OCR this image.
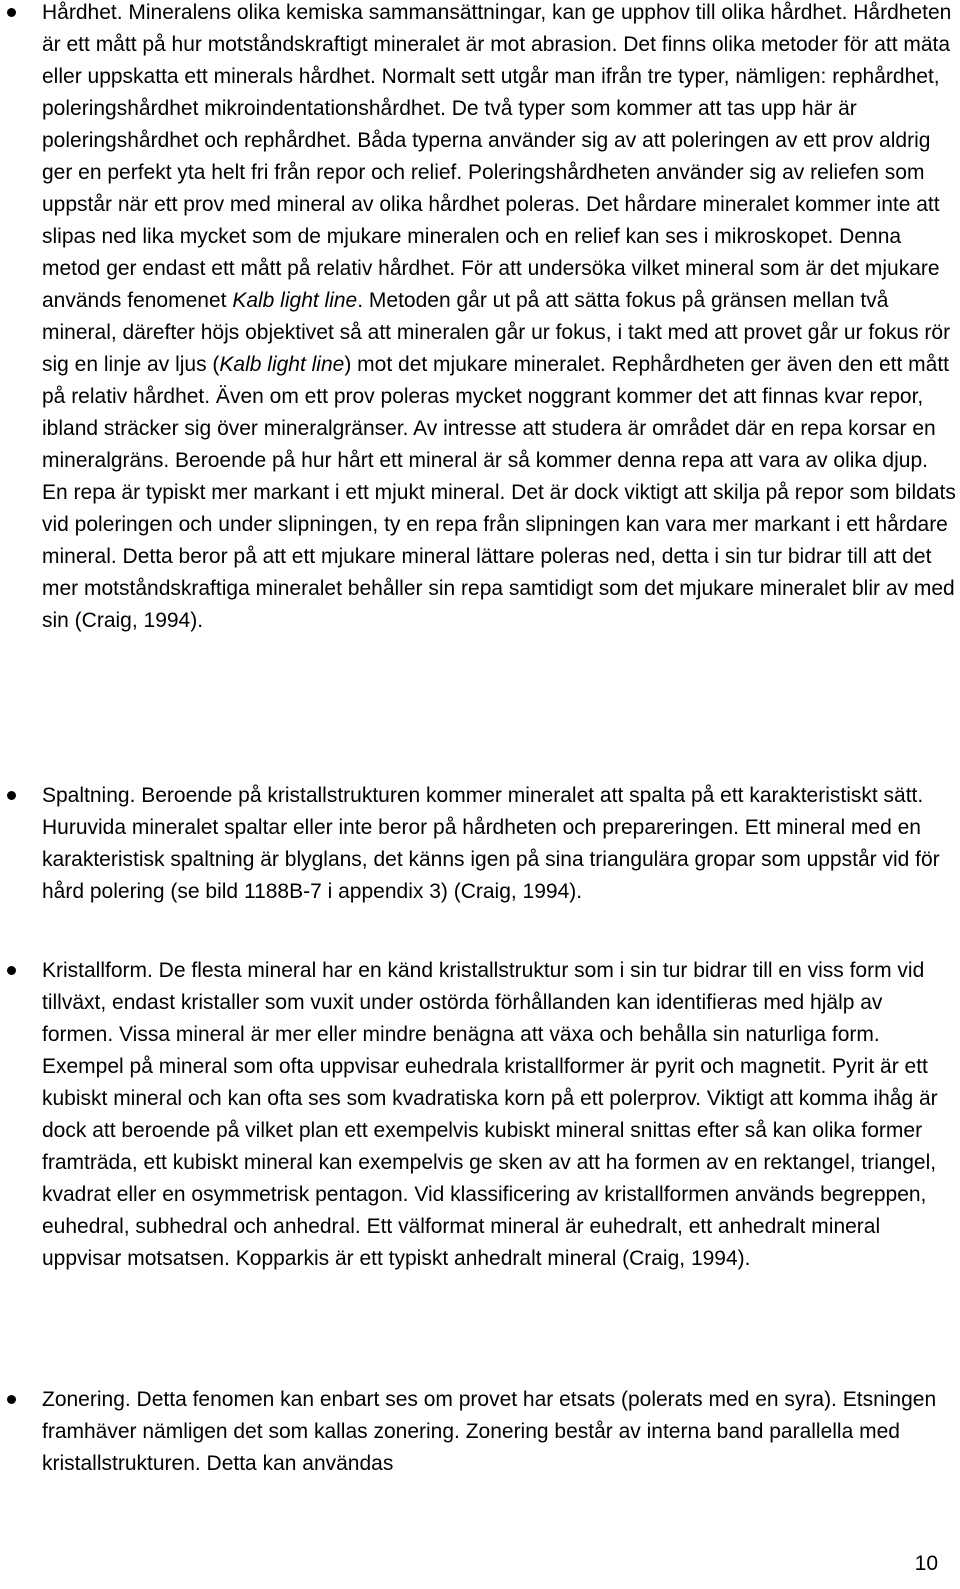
Hårdhet. Mineralens olika kemiska sammansättningar, kan ge upphov till olika hårdhet. Hårdheten är ett mått på hur motståndskraftigt mineralet är mot abrasion. Det finns olika metoder för att mäta eller uppskatta ett minerals hårdhet. Normalt sett utgår man ifrån tre typer, nämligen: rephårdhet, poleringshårdhet mikroindentationshårdhet. De två typer som kommer att tas upp här är poleringshårdhet och rephårdhet. Båda typerna använder sig av att poleringen av ett prov aldrig ger en perfekt yta helt fri från repor och relief. Poleringshårdheten använder sig av reliefen som uppstår när ett prov med mineral av olika hårdhet poleras. Det hårdare mineralet kommer inte att slipas ned lika mycket som de mjukare mineralen och en relief kan ses i mikroskopet. Denna metod ger endast ett mått på relativ hårdhet. För att undersöka vilket mineral som är det mjukare används fenomenet Kalb light line. Metoden går ut på att sätta fokus på gränsen mellan två mineral, därefter höjs objektivet så att mineralen går ur fokus, i takt med att provet går ur fokus rör sig en linje av ljus (Kalb light line) mot det mjukare mineralet. Rephårdheten ger även den ett mått på relativ hårdhet. Även om ett prov poleras mycket noggrant kommer det att finnas kvar repor, ibland sträcker sig över mineralgränser. Av intresse att studera är området där en repa korsar en mineralgräns. Beroende på hur hårt ett mineral är så kommer denna repa att vara av olika djup. En repa är typiskt mer markant i ett mjukt mineral. Det är dock viktigt att skilja på repor som bildats vid poleringen och under slipningen, ty en repa från slipningen kan vara mer markant i ett hårdare mineral. Detta beror på att ett mjukare mineral lättare poleras ned, detta i sin tur bidrar till att det mer motståndskraftiga mineralet behåller sin repa samtidigt som det mjukare mineralet blir av med sin (Craig, 1994).
Spaltning. Beroende på kristallstrukturen kommer mineralet att spalta på ett karakteristiskt sätt. Huruvida mineralet spaltar eller inte beror på hårdheten och prepareringen. Ett mineral med en karakteristisk spaltning är blyglans, det känns igen på sina triangulära gropar som uppstår vid för hård polering (se bild 1188B-7 i appendix 3) (Craig, 1994).
Kristallform. De flesta mineral har en känd kristallstruktur som i sin tur bidrar till en viss form vid tillväxt, endast kristaller som vuxit under ostörda förhållanden kan identifieras med hjälp av formen. Vissa mineral är mer eller mindre benägna att växa och behålla sin naturliga form. Exempel på mineral som ofta uppvisar euhedrala kristallformer är pyrit och magnetit. Pyrit är ett kubiskt mineral och kan ofta ses som kvadratiska korn på ett polerprov. Viktigt att komma ihåg är dock att beroende på vilket plan ett exempelvis kubiskt mineral snittas efter så kan olika former framträda, ett kubiskt mineral kan exempelvis ge sken av att ha formen av en rektangel, triangel, kvadrat eller en osymmetrisk pentagon. Vid klassificering av kristallformen används begreppen, euhedral, subhedral och anhedral. Ett välformat mineral är euhedralt, ett anhedralt mineral uppvisar motsatsen. Kopparkis är ett typiskt anhedralt mineral (Craig, 1994).
Zonering. Detta fenomen kan enbart ses om provet har etsats (polerats med en syra). Etsningen framhäver nämligen det som kallas zonering. Zonering består av interna band parallella med kristallstrukturen. Detta kan användas
10
